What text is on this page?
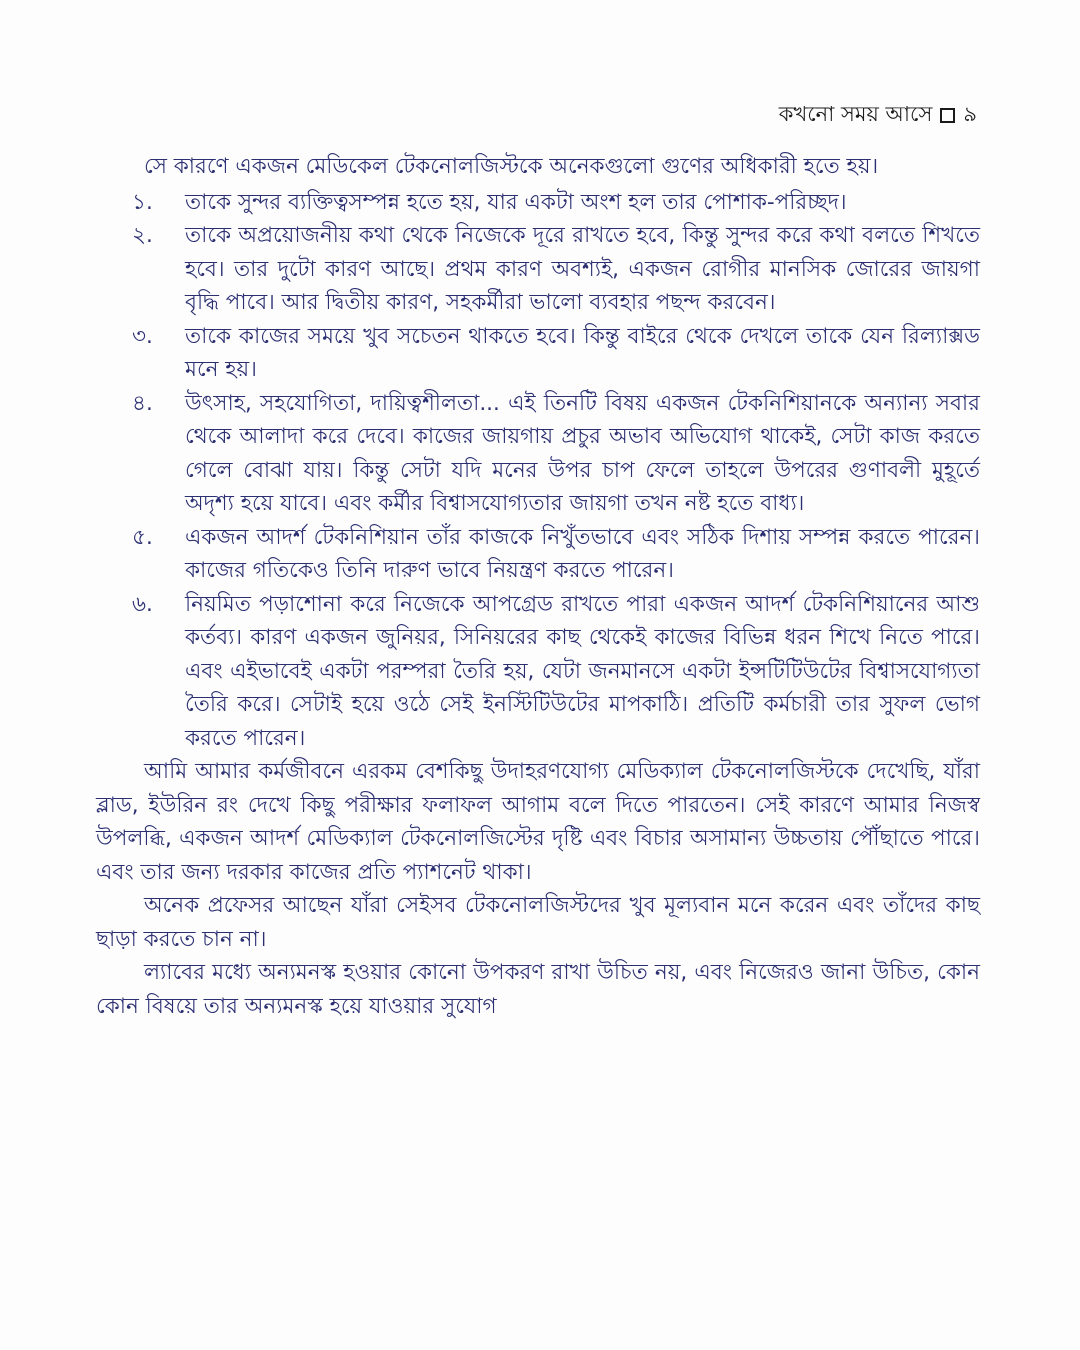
কখনো সময় আসে ৯

সে কারণে একজন মেডিকেল টেকনোলজিস্টকে অনেকগুলো গুণের অধিকারী হতে হয়।

১.	তাকে সুন্দর ব্যক্তিত্বসম্পন্ন হতে হয়, যার একটা অংশ হল তার পোশাক-পরিচ্ছদ।
২.	তাকে অপ্রয়োজনীয় কথা থেকে নিজেকে দূরে রাখতে হবে, কিন্তু সুন্দর করে কথা বলতে শিখতে হবে। তার দুটো কারণ আছে। প্রথম কারণ অবশ্যই, একজন রোগীর মানসিক জোরের জায়গা বৃদ্ধি পাবে। আর দ্বিতীয় কারণ, সহকর্মীরা ভালো ব্যবহার পছন্দ করবেন।
৩.	তাকে কাজের সময়ে খুব সচেতন থাকতে হবে। কিন্তু বাইরে থেকে দেখলে তাকে যেন রিল্যাক্সড মনে হয়।
৪.	উৎসাহ, সহযোগিতা, দায়িত্বশীলতা... এই তিনটি বিষয় একজন টেকনিশিয়ানকে অন্যান্য সবার থেকে আলাদা করে দেবে। কাজের জায়গায় প্রচুর অভাব অভিযোগ থাকেই, সেটা কাজ করতে গেলে বোঝা যায়। কিন্তু সেটা যদি মনের উপর চাপ ফেলে তাহলে উপরের গুণাবলী মুহূর্তে অদৃশ্য হয়ে যাবে। এবং কর্মীর বিশ্বাসযোগ্যতার জায়গা তখন নষ্ট হতে বাধ্য।
৫.	একজন আদর্শ টেকনিশিয়ান তাঁর কাজকে নিখুঁতভাবে এবং সঠিক দিশায় সম্পন্ন করতে পারেন। কাজের গতিকেও তিনি দারুণ ভাবে নিয়ন্ত্রণ করতে পারেন।
৬.	নিয়মিত পড়াশোনা করে নিজেকে আপগ্রেড রাখতে পারা একজন আদর্শ টেকনিশিয়ানের আশু কর্তব্য। কারণ একজন জুনিয়র, সিনিয়রের কাছ থেকেই কাজের বিভিন্ন ধরন শিখে নিতে পারে। এবং এইভাবেই একটা পরম্পরা তৈরি হয়, যেটা জনমানসে একটা ইন্সটিটিউটের বিশ্বাসযোগ্যতা তৈরি করে। সেটাই হয়ে ওঠে সেই ইনস্টিটিউটের মাপকাঠি। প্রতিটি কর্মচারী তার সুফল ভোগ করতে পারেন।

আমি আমার কর্মজীবনে এরকম বেশকিছু উদাহরণযোগ্য মেডিক্যাল টেকনোলজিস্টকে দেখেছি, যাঁরা ব্লাড, ইউরিন রং দেখে কিছু পরীক্ষার ফলাফল আগাম বলে দিতে পারতেন। সেই কারণে আমার নিজস্ব উপলব্ধি, একজন আদর্শ মেডিক্যাল টেকনোলজিস্টের দৃষ্টি এবং বিচার অসামান্য উচ্চতায় পৌঁছাতে পারে। এবং তার জন্য দরকার কাজের প্রতি প্যাশনেট থাকা।

অনেক প্রফেসর আছেন যাঁরা সেইসব টেকনোলজিস্টদের খুব মূল্যবান মনে করেন এবং তাঁদের কাছ ছাড়া করতে চান না।

ল্যাবের মধ্যে অন্যমনস্ক হওয়ার কোনো উপকরণ রাখা উচিত নয়, এবং নিজেরও জানা উচিত, কোন কোন বিষয়ে তার অন্যমনস্ক হয়ে যাওয়ার সুযোগ
